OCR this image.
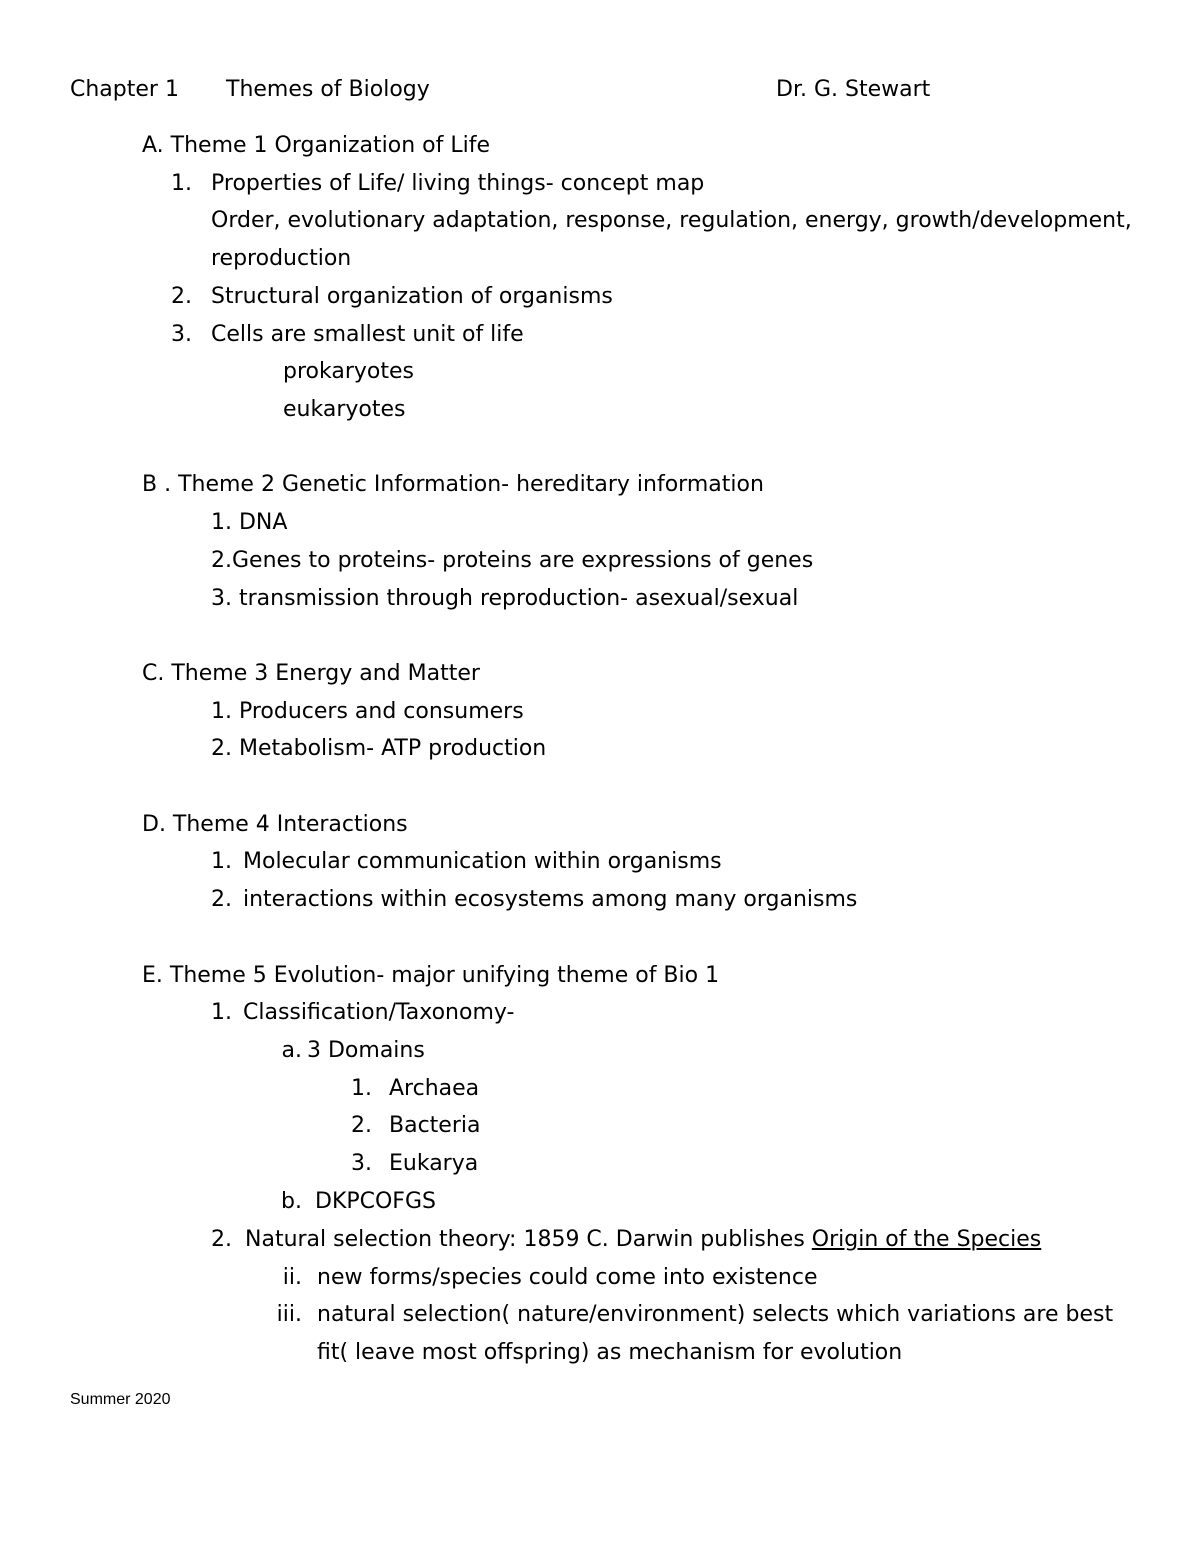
Chapter 1 Themes of Biology	Dr. G. Stewart
A. Theme 1 Organization of Life
1. Properties of Life/ living things- concept map
Order, evolutionary adaptation, response, regulation, energy, growth/development,
reproduction
2. Structural organization of organisms
3. Cells are smallest unit of life
prokaryotes
eukaryotes
B . Theme 2 Genetic Information- hereditary information
1. DNA
2.Genes to proteins- proteins are expressions of genes
3. transmission through reproduction- asexual/sexual
C. Theme 3 Energy and Matter
1. Producers and consumers
2. Metabolism- ATP production
D. Theme 4 Interactions
1. Molecular communication within organisms
2. interactions within ecosystems among many organisms
E. Theme 5 Evolution- major unifying theme of Bio 1
1. Classification/Taxonomy-
a. 3 Domains
1. Archaea
2. Bacteria
3. Eukarya
b. DKPCOFGS
2. Natural selection theory: 1859 C. Darwin publishes Origin of the Species
ii. new forms/species could come into existence
iii. natural selection( nature/environment) selects which variations are best
fit( leave most offspring) as mechanism for evolution
Summer 2020
